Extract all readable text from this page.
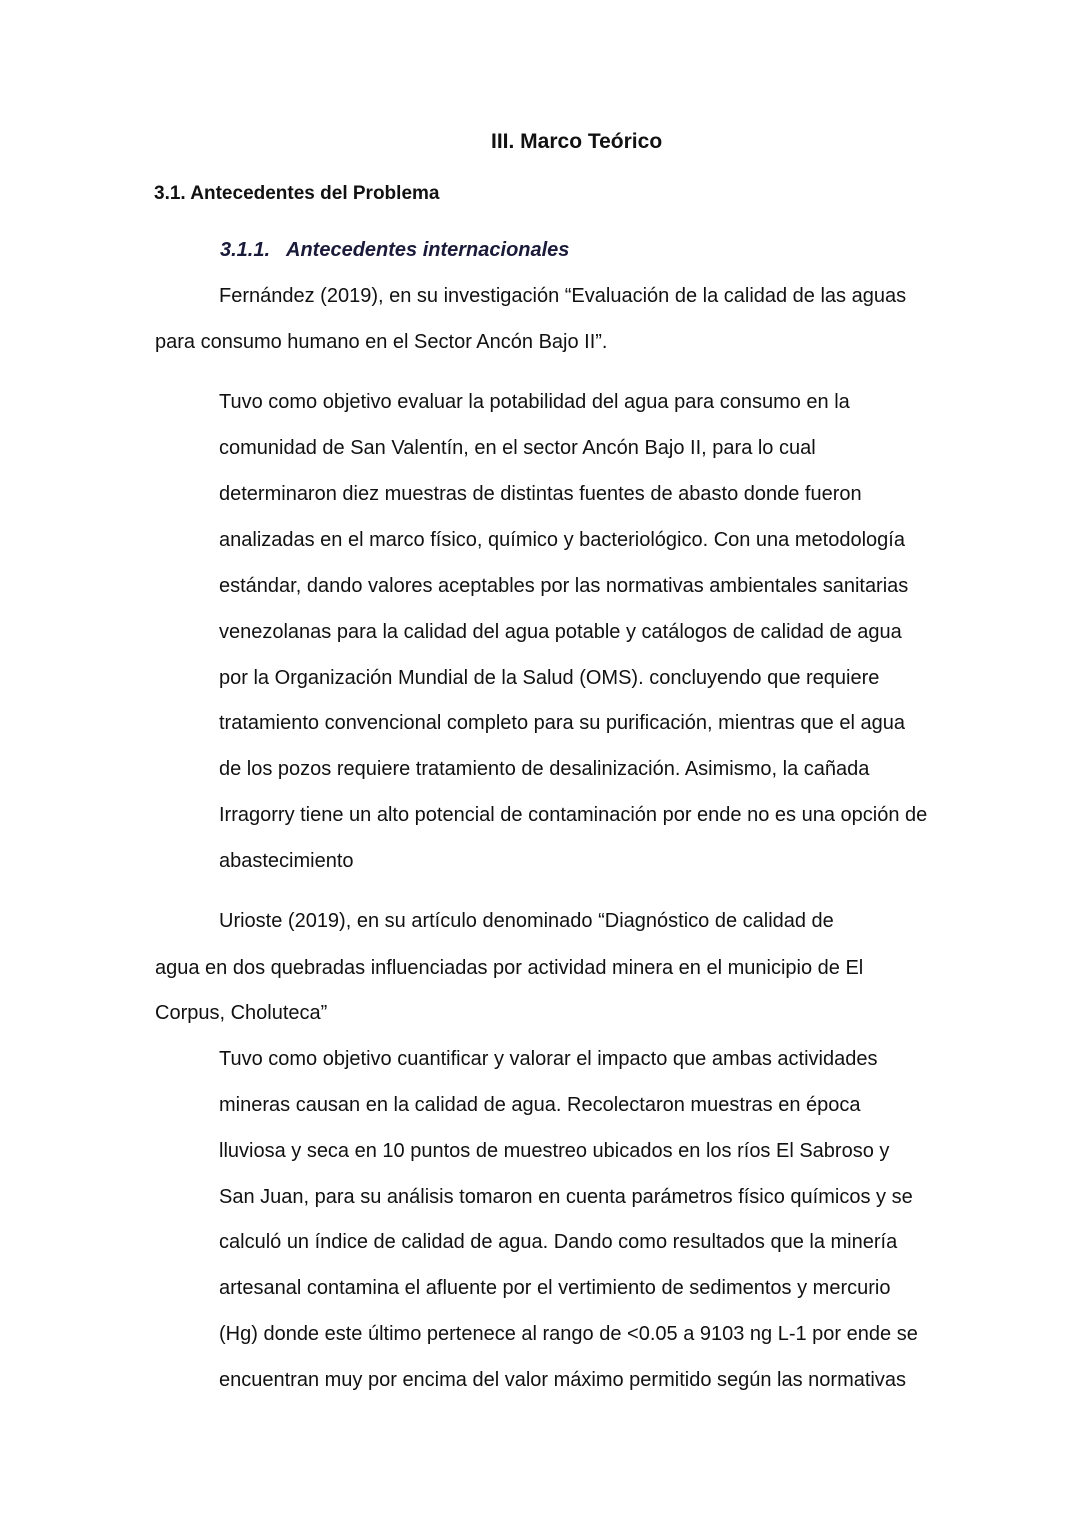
III. Marco Teórico
3.1. Antecedentes del Problema
3.1.1. Antecedentes internacionales
Fernández (2019), en su investigación “Evaluación de la calidad de las aguas
para consumo humano en el Sector Ancón Bajo II”.
Tuvo como objetivo evaluar la potabilidad del agua para consumo en la
comunidad de San Valentín, en el sector Ancón Bajo II, para lo cual
determinaron diez muestras de distintas fuentes de abasto donde fueron
analizadas en el marco físico, químico y bacteriológico. Con una metodología
estándar, dando valores aceptables por las normativas ambientales sanitarias
venezolanas para la calidad del agua potable y catálogos de calidad de agua
por la Organización Mundial de la Salud (OMS). concluyendo que requiere
tratamiento convencional completo para su purificación, mientras que el agua
de los pozos requiere tratamiento de desalinización. Asimismo, la cañada
Irragorry tiene un alto potencial de contaminación por ende no es una opción de
abastecimiento
Urioste (2019), en su artículo denominado “Diagnóstico de calidad de
agua en dos quebradas influenciadas por actividad minera en el municipio de El
Corpus, Choluteca”
Tuvo como objetivo cuantificar y valorar el impacto que ambas actividades
mineras causan en la calidad de agua. Recolectaron muestras en época
lluviosa y seca en 10 puntos de muestreo ubicados en los ríos El Sabroso y
San Juan, para su análisis tomaron en cuenta parámetros físico químicos y se
calculó un índice de calidad de agua. Dando como resultados que la minería
artesanal contamina el afluente por el vertimiento de sedimentos y mercurio
(Hg) donde este último pertenece al rango de <0.05 a 9103 ng L-1 por ende se
encuentran muy por encima del valor máximo permitido según las normativas
